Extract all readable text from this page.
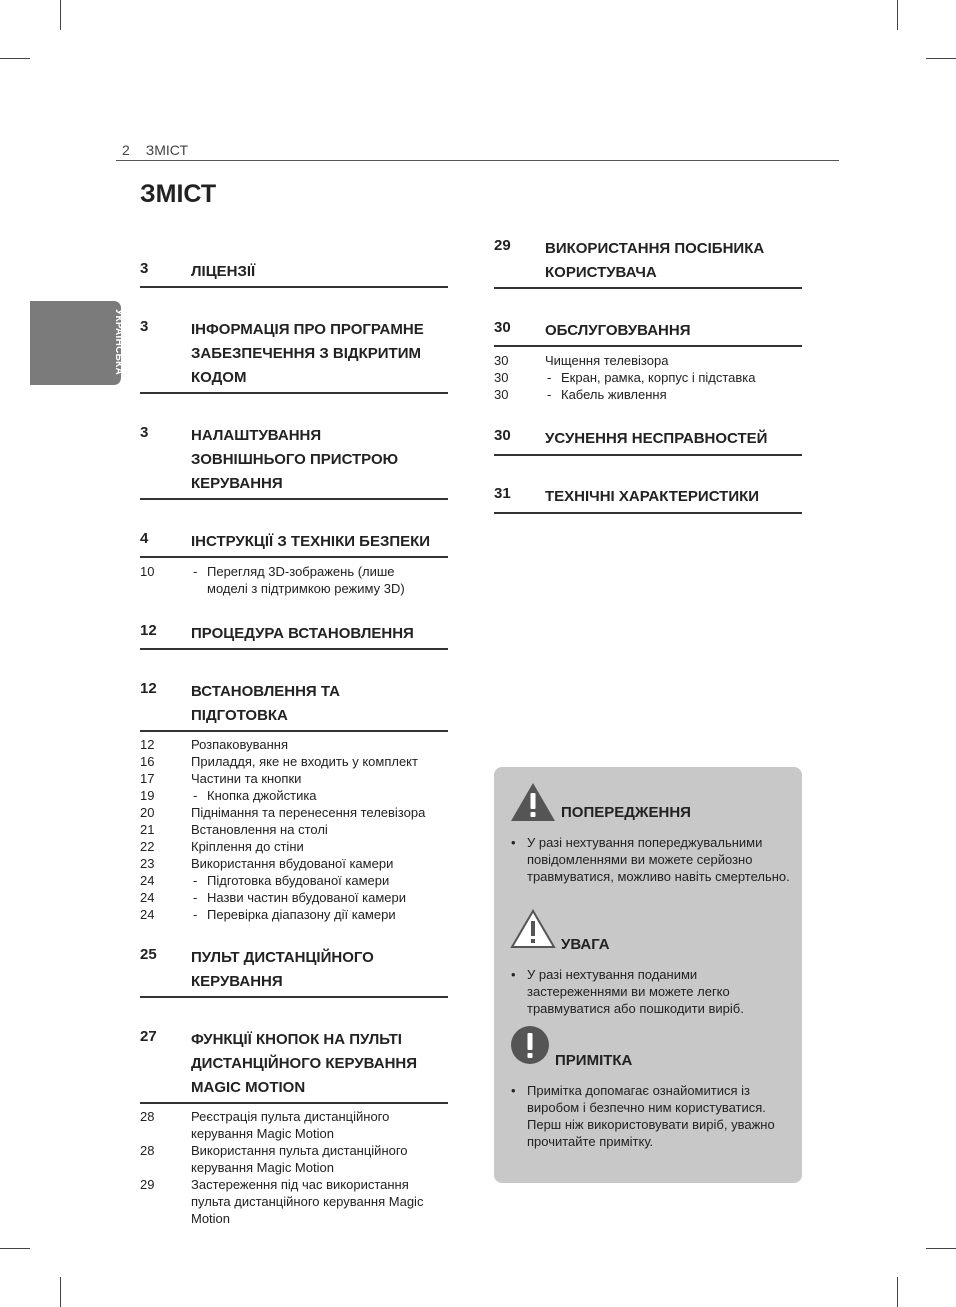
2 ЗМІСТ
ЗМІСТ
УКРАЇНСЬКА
3	ЛІЦЕНЗІЇ
3	ІНФОРМАЦІЯ ПРО ПРОГРАМНЕ ЗАБЕЗПЕЧЕННЯ З ВІДКРИТИМ КОДОМ
3	НАЛАШТУВАННЯ ЗОВНІШНЬОГО ПРИСТРОЮ КЕРУВАННЯ
4	ІНСТРУКЦІЇ З ТЕХНІКИ БЕЗПЕКИ
10	- Перегляд 3D-зображень (лише моделі з підтримкою режиму 3D)
12 ПРОЦЕДУРА ВСТАНОВЛЕННЯ
12 ВСТАНОВЛЕННЯ ТА ПІДГОТОВКА
12	Розпаковування
16	Приладдя, яке не входить у комплект
17	Частини та кнопки
19	- Кнопка джойстика
20	Піднімання та перенесення телевізора
21	Встановлення на столі
22	Кріплення до стіни
23	Використання вбудованої камери
24	- Підготовка вбудованої камери
24	- Назви частин вбудованої камери
24	- Перевірка діапазону дії камери
25 ПУЛЬТ ДИСТАНЦІЙНОГО КЕРУВАННЯ
27 ФУНКЦІЇ КНОПОК НА ПУЛЬТІ ДИСТАНЦІЙНОГО КЕРУВАННЯ MAGIC MOTION
28	Реєстрація пульта дистанційного керування Magic Motion
28	Використання пульта дистанційного керування Magic Motion
29	Застереження під час використання пульта дистанційного керування Magic Motion
29 ВИКОРИСТАННЯ ПОСІБНИКА КОРИСТУВАЧА
30 ОБСЛУГОВУВАННЯ
30	Чищення телевізора
30	- Екран, рамка, корпус і підставка
30	- Кабель живлення
30 УСУНЕННЯ НЕСПРАВНОСТЕЙ
31 ТЕХНІЧНІ ХАРАКТЕРИСТИКИ
ПОПЕРЕДЖЕННЯ
• У разі нехтування попереджувальними повідомленнями ви можете серйозно травмуватися, можливо навіть смертельно.
УВАГА
• У разі нехтування поданими застереженнями ви можете легко травмуватися або пошкодити виріб.
ПРИМІТКА
• Примітка допомагає ознайомитися із виробом і безпечно ним користуватися. Перш ніж використовувати виріб, уважно прочитайте примітку.
